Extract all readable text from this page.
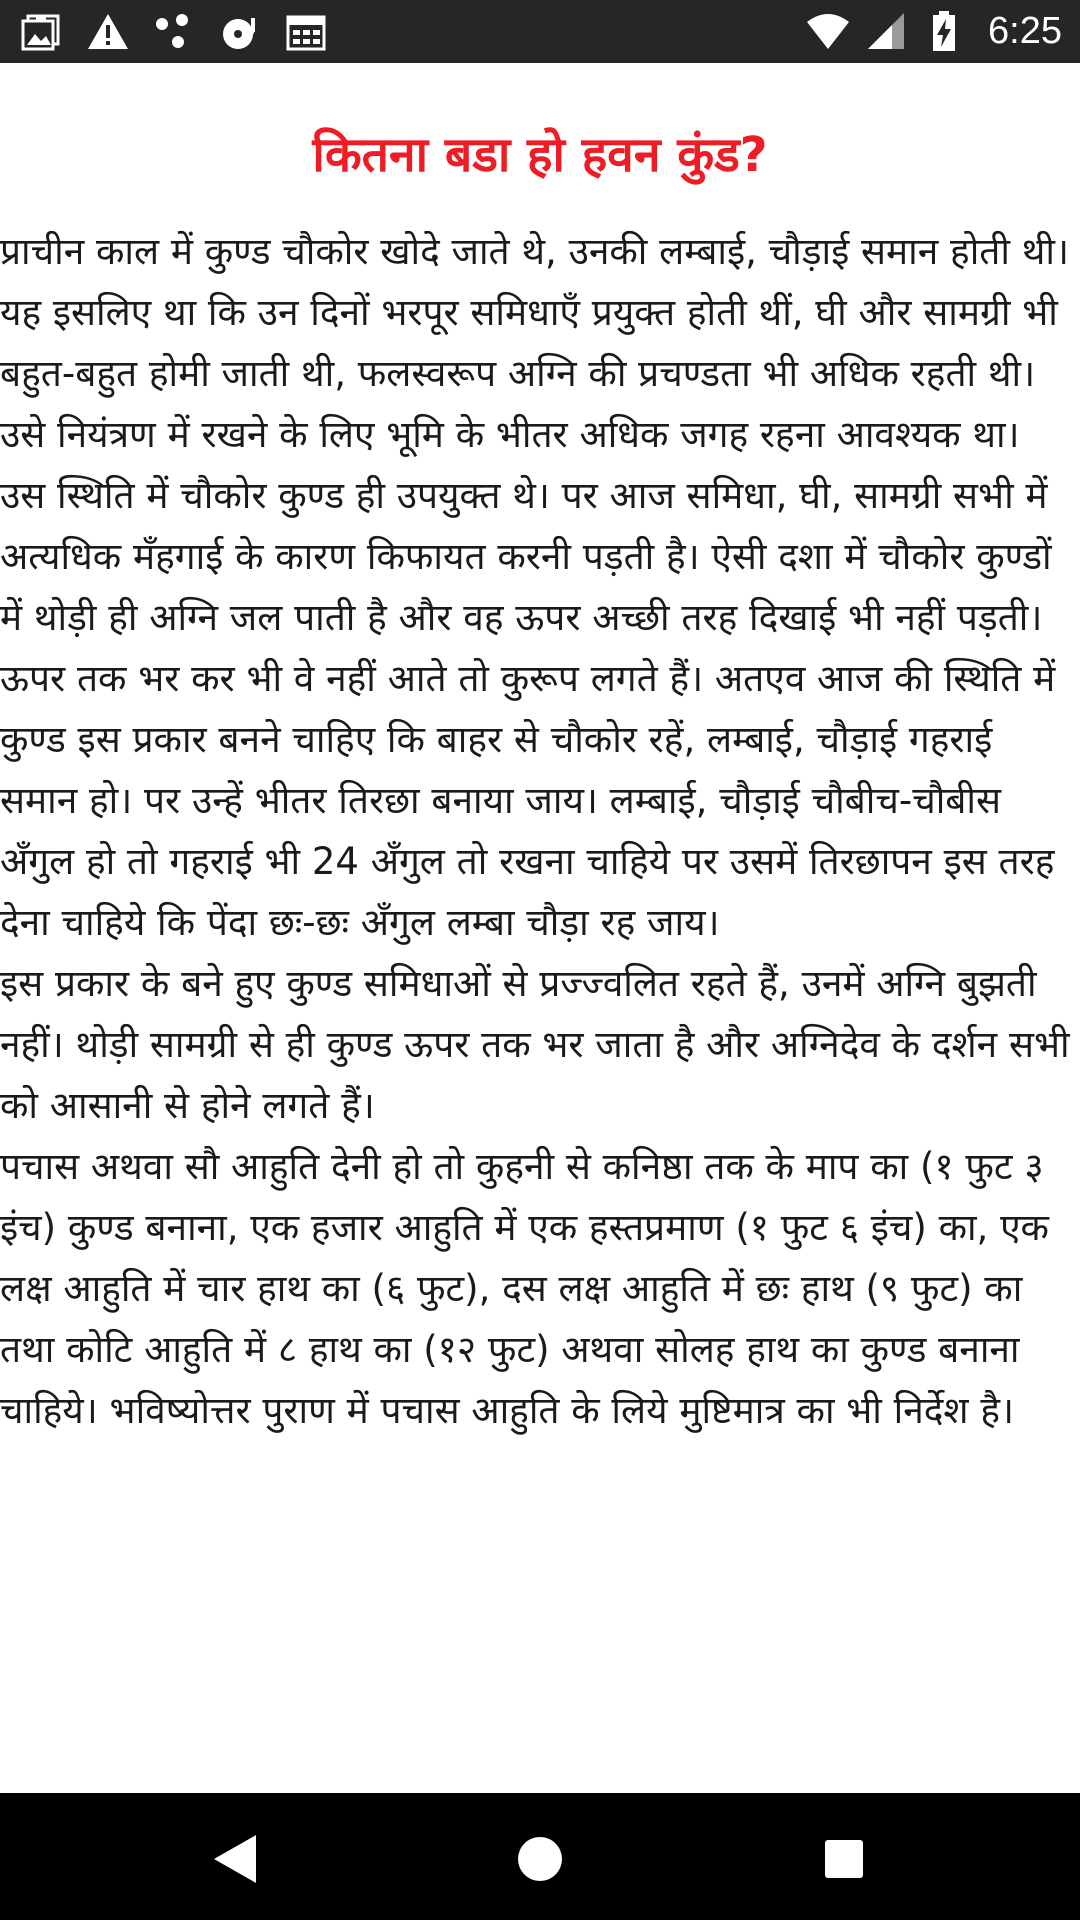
6:25
कितना बडा हो हवन कुंड?

प्राचीन काल में कुण्ड चौकोर खोदे जाते थे, उनकी लम्बाई, चौड़ाई समान होती थी। यह इसलिए था कि उन दिनों भरपूर समिधाएँ प्रयुक्त होती थीं, घी और सामग्री भी बहुत-बहुत होमी जाती थी, फलस्वरूप अग्नि की प्रचण्डता भी अधिक रहती थी। उसे नियंत्रण में रखने के लिए भूमि के भीतर अधिक जगह रहना आवश्यक था। उस स्थिति में चौकोर कुण्ड ही उपयुक्त थे। पर आज समिधा, घी, सामग्री सभी में अत्यधिक मँहगाई के कारण किफायत करनी पड़ती है। ऐसी दशा में चौकोर कुण्डों में थोड़ी ही अग्नि जल पाती है और वह ऊपर अच्छी तरह दिखाई भी नहीं पड़ती। ऊपर तक भर कर भी वे नहीं आते तो कुरूप लगते हैं। अतएव आज की स्थिति में कुण्ड इस प्रकार बनने चाहिए कि बाहर से चौकोर रहें, लम्बाई, चौड़ाई गहराई समान हो। पर उन्हें भीतर तिरछा बनाया जाय। लम्बाई, चौड़ाई चौबीच-चौबीस अँगुल हो तो गहराई भी 24 अँगुल तो रखना चाहिये पर उसमें तिरछापन इस तरह देना चाहिये कि पेंदा छः-छः अँगुल लम्बा चौड़ा रह जाय।

इस प्रकार के बने हुए कुण्ड समिधाओं से प्रज्ज्वलित रहते हैं, उनमें अग्नि बुझती नहीं। थोड़ी सामग्री से ही कुण्ड ऊपर तक भर जाता है और अग्निदेव के दर्शन सभी को आसानी से होने लगते हैं।

पचास अथवा सौ आहुति देनी हो तो कुहनी से कनिष्ठा तक के माप का (१ फुट ३ इंच) कुण्ड बनाना, एक हजार आहुति में एक हस्तप्रमाण (१ फुट ६ इंच) का, एक लक्ष आहुति में चार हाथ का (६ फुट), दस लक्ष आहुति में छः हाथ (९ फुट) का तथा कोटि आहुति में ८ हाथ का (१२ फुट) अथवा सोलह हाथ का कुण्ड बनाना चाहिये। भविष्योत्तर पुराण में पचास आहुति के लिये मुष्टिमात्र का भी निर्देश है।
